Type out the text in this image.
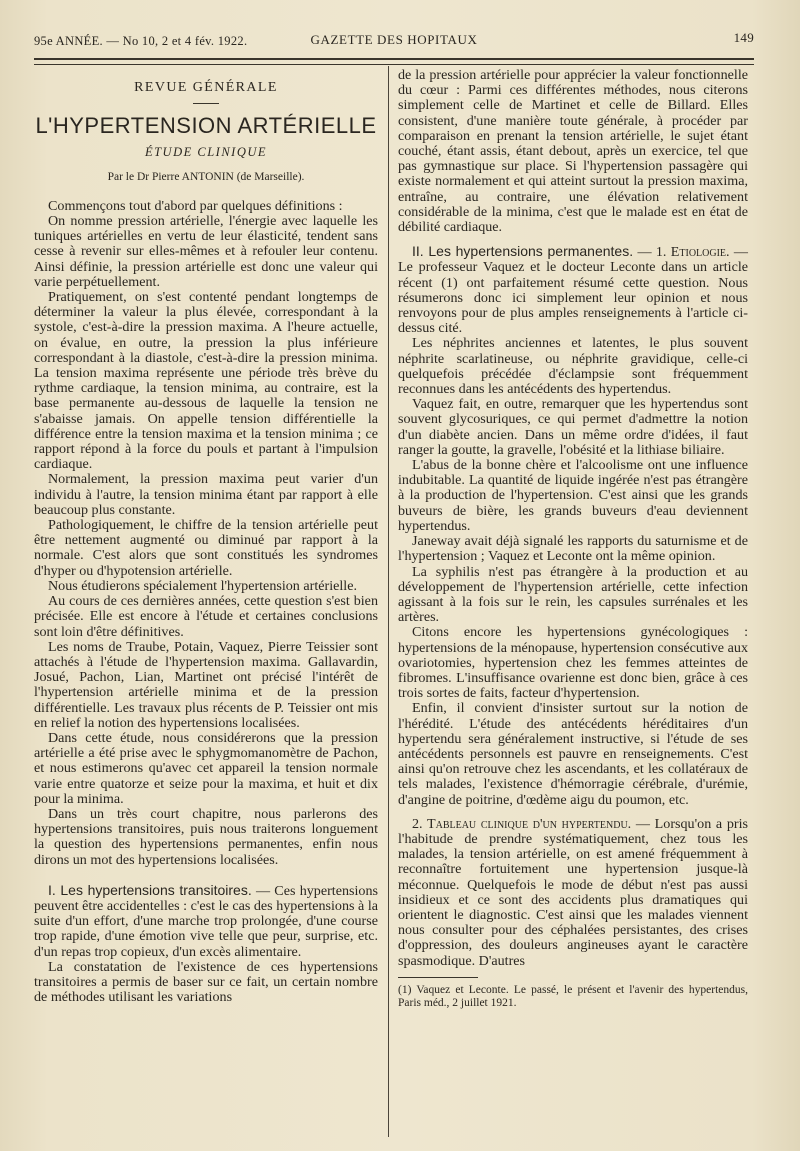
95e ANNÉE. — No 10, 2 et 4 fév. 1922.	GAZETTE DES HOPITAUX	149
REVUE GÉNÉRALE
L'HYPERTENSION ARTÉRIELLE
ÉTUDE CLINIQUE
Par le Dr Pierre ANTONIN (de Marseille).

Commençons tout d'abord par quelques définitions :

On nomme pression artérielle, l'énergie avec laquelle les tuniques artérielles en vertu de leur élasticité, tendent sans cesse à revenir sur elles-mêmes et à refouler leur contenu. Ainsi définie, la pression artérielle est donc une valeur qui varie perpétuellement.

Pratiquement, on s'est contenté pendant longtemps de déterminer la valeur la plus élevée, correspondant à la systole, c'est-à-dire la pression maxima. A l'heure actuelle, on évalue, en outre, la pression la plus inférieure correspondant à la diastole, c'est-à-dire la pression minima. La tension maxima représente une période très brève du rythme cardiaque, la tension minima, au contraire, est la base permanente au-dessous de laquelle la tension ne s'abaisse jamais. On appelle tension différentielle la différence entre la tension maxima et la tension minima ; ce rapport répond à la force du pouls et partant à l'impulsion cardiaque.

Normalement, la pression maxima peut varier d'un individu à l'autre, la tension minima étant par rapport à elle beaucoup plus constante.

Pathologiquement, le chiffre de la tension artérielle peut être nettement augmenté ou diminué par rapport à la normale. C'est alors que sont constitués les syndromes d'hyper ou d'hypotension artérielle.

Nous étudierons spécialement l'hypertension artérielle.

Au cours de ces dernières années, cette question s'est bien précisée. Elle est encore à l'étude et certaines conclusions sont loin d'être définitives.

Les noms de Traube, Potain, Vaquez, Pierre Teissier sont attachés à l'étude de l'hypertension maxima. Gallavardin, Josué, Pachon, Lian, Martinet ont précisé l'intérêt de l'hypertension artérielle minima et de la pression différentielle. Les travaux plus récents de P. Teissier ont mis en relief la notion des hypertensions localisées.

Dans cette étude, nous considérerons que la pression artérielle a été prise avec le sphygmomanomètre de Pachon, et nous estimerons qu'avec cet appareil la tension normale varie entre quatorze et seize pour la maxima, et huit et dix pour la minima.

Dans un très court chapitre, nous parlerons des hypertensions transitoires, puis nous traiterons longuement la question des hypertensions permanentes, enfin nous dirons un mot des hypertensions localisées.

I. Les hypertensions transitoires. — Ces hypertensions peuvent être accidentelles : c'est le cas des hypertensions à la suite d'un effort, d'une marche trop prolongée, d'une course trop rapide, d'une émotion vive telle que peur, surprise, etc. d'un repas trop copieux, d'un excès alimentaire.

La constatation de l'existence de ces hypertensions transitoires a permis de baser sur ce fait, un certain nombre de méthodes utilisant les variations

de la pression artérielle pour apprécier la valeur fonctionnelle du cœur : Parmi ces différentes méthodes, nous citerons simplement celle de Martinet et celle de Billard. Elles consistent, d'une manière toute générale, à procéder par comparaison en prenant la tension artérielle, le sujet étant couché, étant assis, étant debout, après un exercice, tel que pas gymnastique sur place. Si l'hypertension passagère qui existe normalement et qui atteint surtout la pression maxima, entraîne, au contraire, une élévation relativement considérable de la minima, c'est que le malade est en état de débilité cardiaque.

II. Les hypertensions permanentes. — 1. Etiologie. — Le professeur Vaquez et le docteur Leconte dans un article récent (1) ont parfaitement résumé cette question. Nous résumerons donc ici simplement leur opinion et nous renvoyons pour de plus amples renseignements à l'article ci-dessus cité.

Les néphrites anciennes et latentes, le plus souvent néphrite scarlatineuse, ou néphrite gravidique, celle-ci quelquefois précédée d'éclampsie sont fréquemment reconnues dans les antécédents des hypertendus.

Vaquez fait, en outre, remarquer que les hypertendus sont souvent glycosuriques, ce qui permet d'admettre la notion d'un diabète ancien. Dans un même ordre d'idées, il faut ranger la goutte, la gravelle, l'obésité et la lithiase biliaire.

L'abus de la bonne chère et l'alcoolisme ont une influence indubitable. La quantité de liquide ingérée n'est pas étrangère à la production de l'hypertension. C'est ainsi que les grands buveurs de bière, les grands buveurs d'eau deviennent hypertendus.

Janeway avait déjà signalé les rapports du saturnisme et de l'hypertension ; Vaquez et Leconte ont la même opinion.

La syphilis n'est pas étrangère à la production et au développement de l'hypertension artérielle, cette infection agissant à la fois sur le rein, les capsules surrénales et les artères.

Citons encore les hypertensions gynécologiques : hypertensions de la ménopause, hypertension consécutive aux ovariotomies, hypertension chez les femmes atteintes de fibromes. L'insuffisance ovarienne est donc bien, grâce à ces trois sortes de faits, facteur d'hypertension.

Enfin, il convient d'insister surtout sur la notion de l'hérédité. L'étude des antécédents héréditaires d'un hypertendu sera généralement instructive, si l'étude de ses antécédents personnels est pauvre en renseignements. C'est ainsi qu'on retrouve chez les ascendants, et les collatéraux de tels malades, l'existence d'hémorragie cérébrale, d'urémie, d'angine de poitrine, d'œdème aigu du poumon, etc.

2. Tableau clinique d'un hypertendu. — Lorsqu'on a pris l'habitude de prendre systématiquement, chez tous les malades, la tension artérielle, on est amené fréquemment à reconnaître fortuitement une hypertension jusque-là méconnue. Quelquefois le mode de début n'est pas aussi insidieux et ce sont des accidents plus dramatiques qui orientent le diagnostic. C'est ainsi que les malades viennent nous consulter pour des céphalées persistantes, des crises d'oppression, des douleurs angineuses ayant le caractère spasmodique. D'autres

(1) Vaquez et Leconte. Le passé, le présent et l'avenir des hypertendus, Paris méd., 2 juillet 1921.
